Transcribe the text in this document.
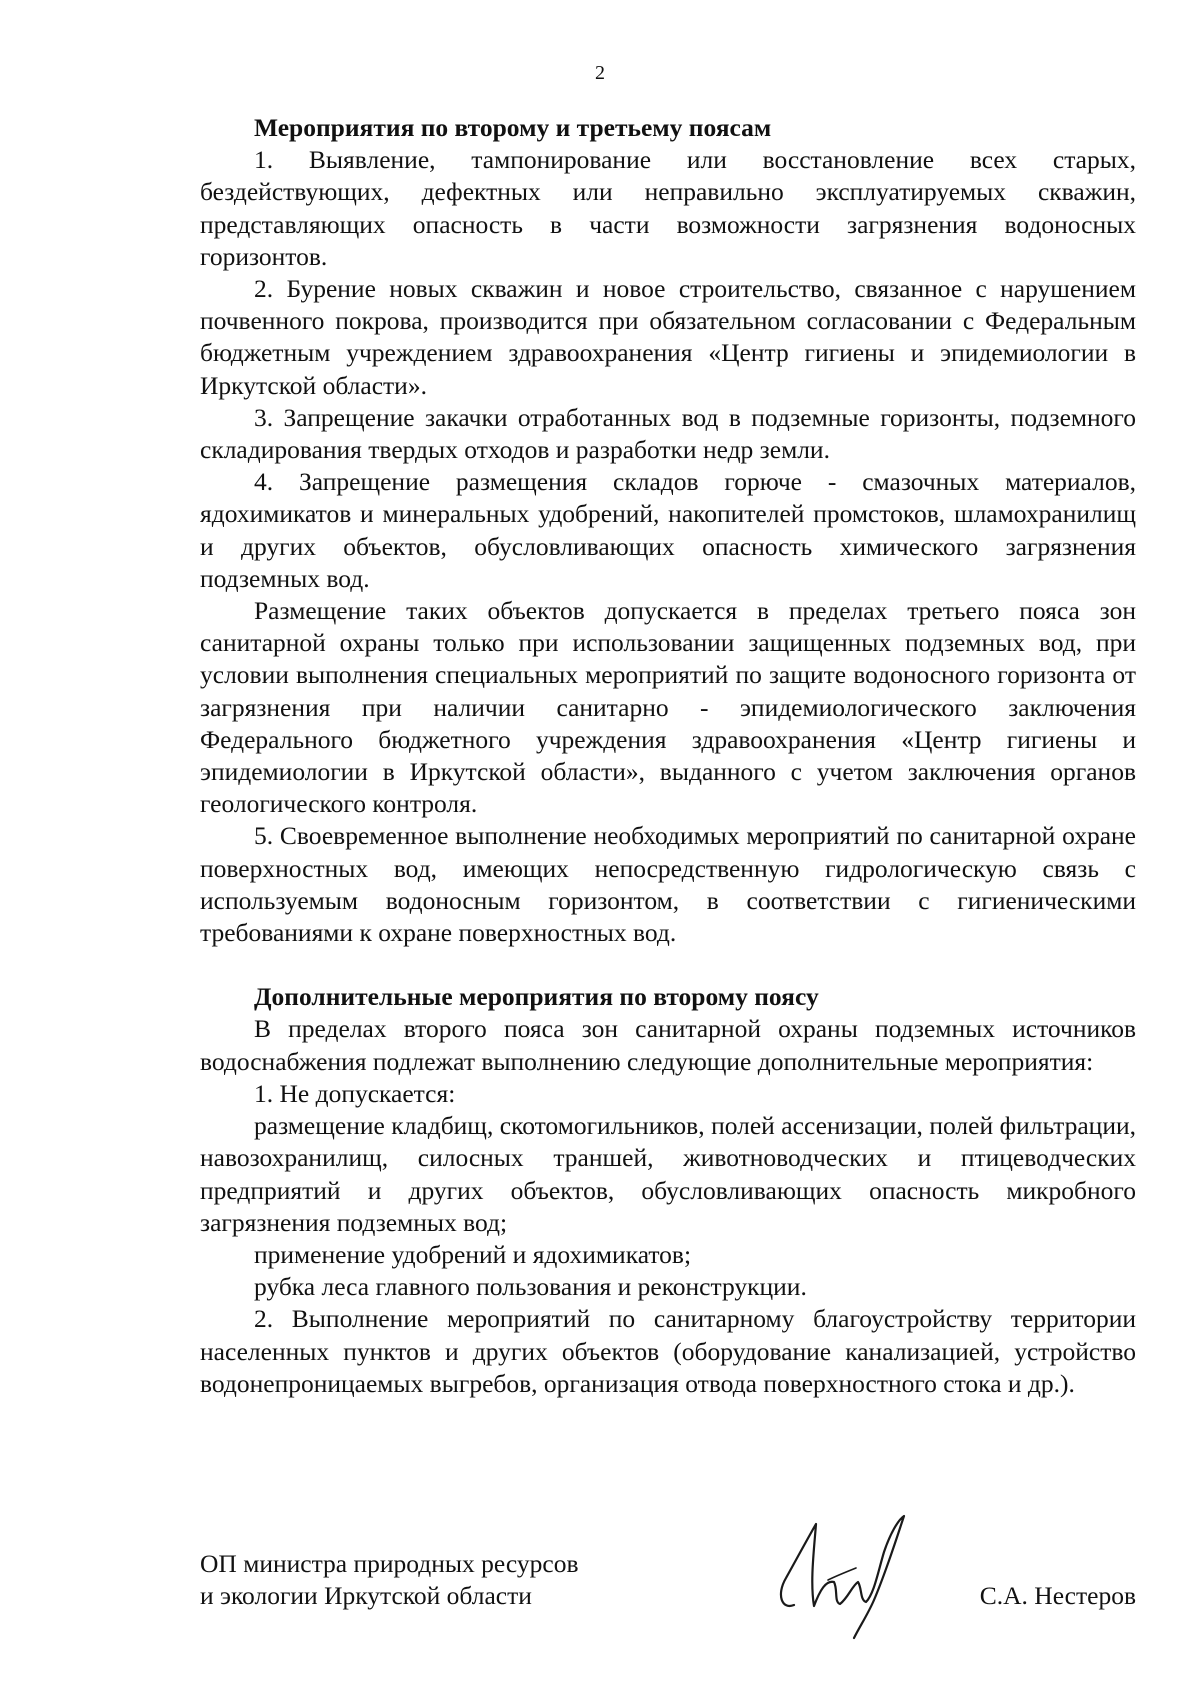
2

Мероприятия по второму и третьему поясам

1. Выявление, тампонирование или восстановление всех старых, бездействующих, дефектных или неправильно эксплуатируемых скважин, представляющих опасность в части возможности загрязнения водоносных горизонтов.

2. Бурение новых скважин и новое строительство, связанное с нарушением почвенного покрова, производится при обязательном согласовании с Федеральным бюджетным учреждением здравоохранения «Центр гигиены и эпидемиологии в Иркутской области».

3. Запрещение закачки отработанных вод в подземные горизонты, подземного складирования твердых отходов и разработки недр земли.

4. Запрещение размещения складов горюче - смазочных материалов, ядохимикатов и минеральных удобрений, накопителей промстоков, шламохранилищ и других объектов, обусловливающих опасность химического загрязнения подземных вод.

Размещение таких объектов допускается в пределах третьего пояса зон санитарной охраны только при использовании защищенных подземных вод, при условии выполнения специальных мероприятий по защите водоносного горизонта от загрязнения при наличии санитарно - эпидемиологического заключения Федерального бюджетного учреждения здравоохранения «Центр гигиены и эпидемиологии в Иркутской области», выданного с учетом заключения органов геологического контроля.

5. Своевременное выполнение необходимых мероприятий по санитарной охране поверхностных вод, имеющих непосредственную гидрологическую связь с используемым водоносным горизонтом, в соответствии с гигиеническими требованиями к охране поверхностных вод.

Дополнительные мероприятия по второму поясу

В пределах второго пояса зон санитарной охраны подземных источников водоснабжения подлежат выполнению следующие дополнительные мероприятия:

1. Не допускается:

размещение кладбищ, скотомогильников, полей ассенизации, полей фильтрации, навозохранилищ, силосных траншей, животноводческих и птицеводческих предприятий и других объектов, обусловливающих опасность микробного загрязнения подземных вод;

применение удобрений и ядохимикатов;

рубка леса главного пользования и реконструкции.

2. Выполнение мероприятий по санитарному благоустройству территории населенных пунктов и других объектов (оборудование канализацией, устройство водонепроницаемых выгребов, организация отвода поверхностного стока и др.).

ОП министра природных ресурсов
и экологии Иркутской области	С.А. Нестеров
